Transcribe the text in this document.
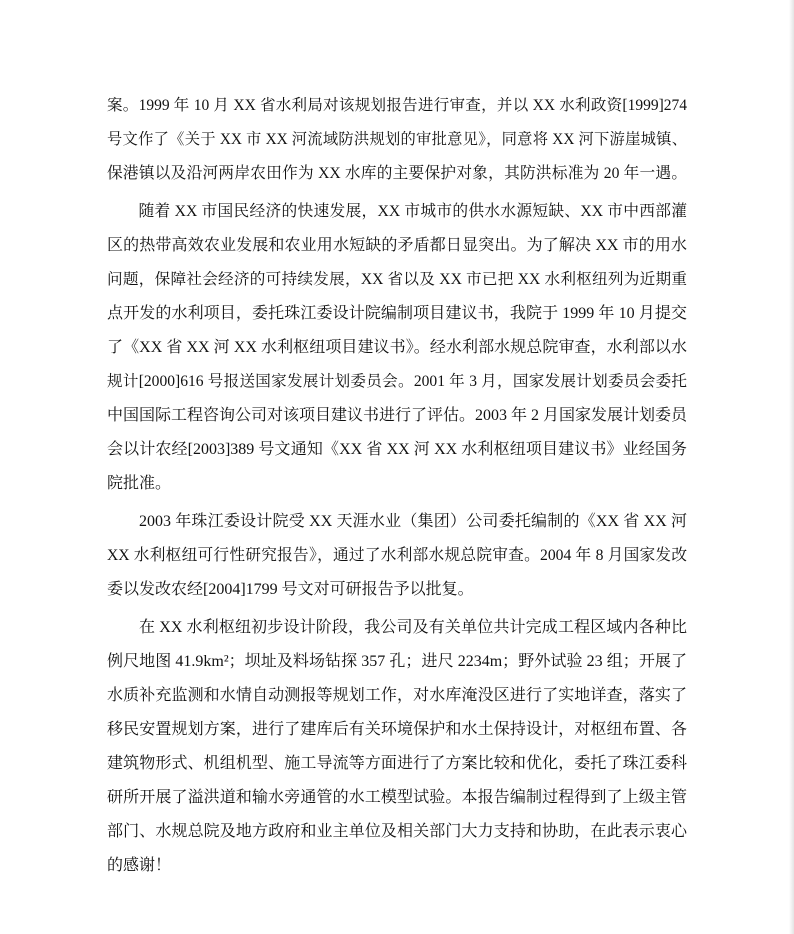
案。1999 年 10 月 XX 省水利局对该规划报告进行审查，并以 XX 水利政资[1999]274
号文作了《关于 XX 市 XX 河流域防洪规划的审批意见》，同意将 XX 河下游崖城镇、
保港镇以及沿河两岸农田作为 XX 水库的主要保护对象，其防洪标准为 20 年一遇。
随着 XX 市国民经济的快速发展，XX 市城市的供水水源短缺、XX 市中西部灌
区的热带高效农业发展和农业用水短缺的矛盾都日显突出。为了解决 XX 市的用水
问题，保障社会经济的可持续发展，XX 省以及 XX 市已把 XX 水利枢纽列为近期重
点开发的水利项目，委托珠江委设计院编制项目建议书，我院于 1999 年 10 月提交
了《XX 省 XX 河 XX 水利枢纽项目建议书》。经水利部水规总院审查，水利部以水
规计[2000]616 号报送国家发展计划委员会。2001 年 3 月，国家发展计划委员会委托
中国国际工程咨询公司对该项目建议书进行了评估。2003 年 2 月国家发展计划委员
会以计农经[2003]389 号文通知《XX 省 XX 河 XX 水利枢纽项目建议书》业经国务
院批准。
2003 年珠江委设计院受 XX 天涯水业（集团）公司委托编制的《XX 省 XX 河
XX 水利枢纽可行性研究报告》，通过了水利部水规总院审查。2004 年 8 月国家发改
委以发改农经[2004]1799 号文对可研报告予以批复。
在 XX 水利枢纽初步设计阶段，我公司及有关单位共计完成工程区域内各种比
例尺地图 41.9km²；坝址及料场钻探 357 孔；进尺 2234m；野外试验 23 组；开展了
水质补充监测和水情自动测报等规划工作，对水库淹没区进行了实地详查，落实了
移民安置规划方案，进行了建库后有关环境保护和水土保持设计，对枢纽布置、各
建筑物形式、机组机型、施工导流等方面进行了方案比较和优化，委托了珠江委科
研所开展了溢洪道和输水旁通管的水工模型试验。本报告编制过程得到了上级主管
部门、水规总院及地方政府和业主单位及相关部门大力支持和协助，在此表示衷心
的感谢！
